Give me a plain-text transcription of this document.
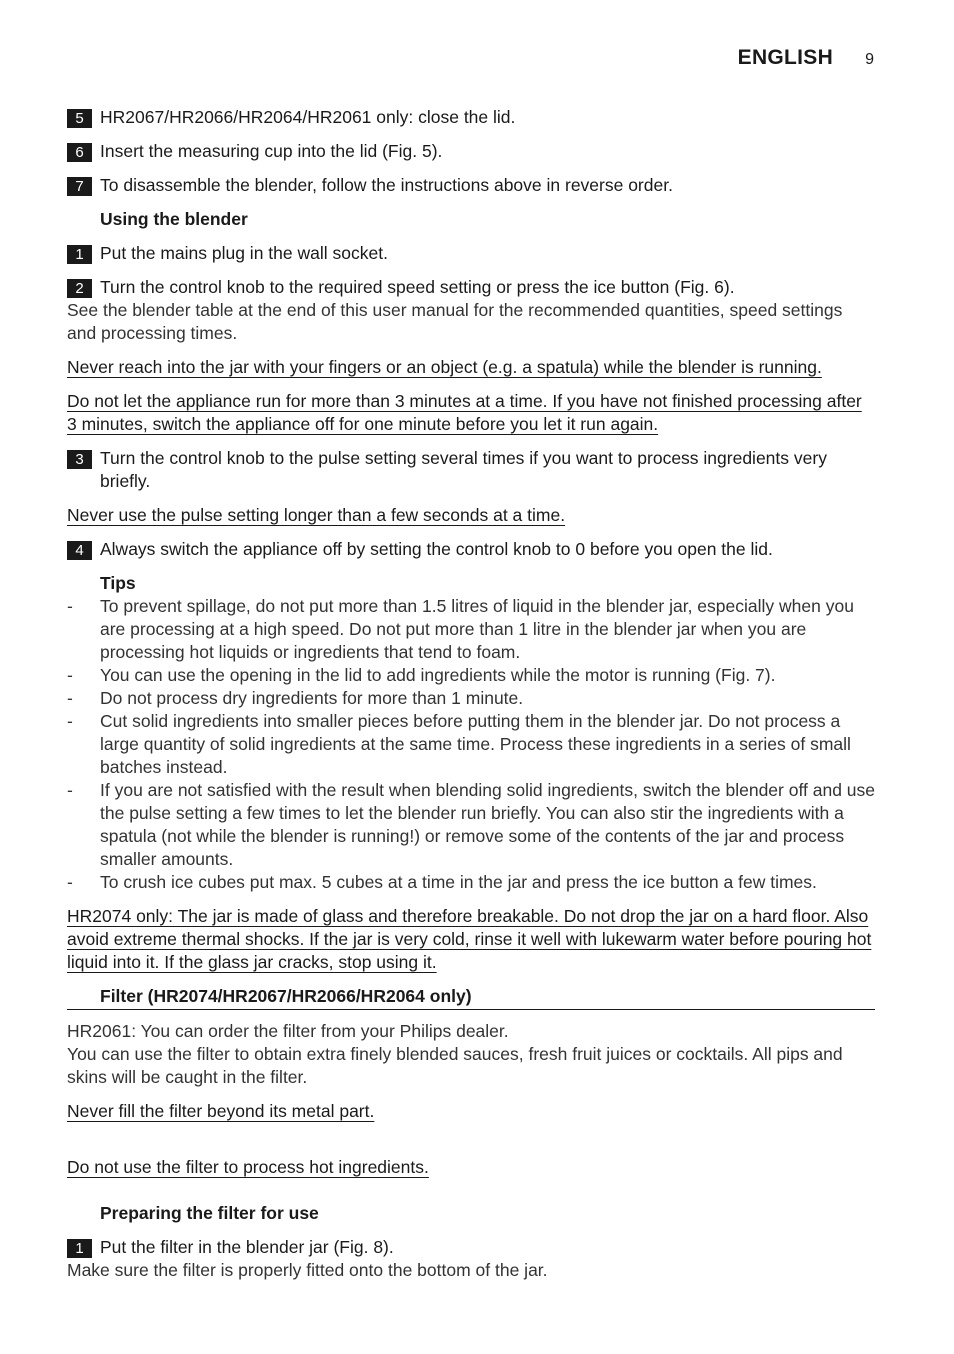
ENGLISH 9
5 HR2067/HR2066/HR2064/HR2061 only: close the lid.
6 Insert the measuring cup into the lid (Fig. 5).
7 To disassemble the blender, follow the instructions above in reverse order.
Using the blender
1 Put the mains plug in the wall socket.
2 Turn the control knob to the required speed setting or press the ice button (Fig. 6).
See the blender table at the end of this user manual for the recommended quantities, speed settings and processing times.
Never reach into the jar with your fingers or an object (e.g. a spatula) while the blender is running.
Do not let the appliance run for more than 3 minutes at a time. If you have not finished processing after 3 minutes, switch the appliance off for one minute before you let it run again.
3 Turn the control knob to the pulse setting several times if you want to process ingredients very briefly.
Never use the pulse setting longer than a few seconds at a time.
4 Always switch the appliance off by setting the control knob to 0 before you open the lid.
Tips
- To prevent spillage, do not put more than 1.5 litres of liquid in the blender jar, especially when you are processing at a high speed. Do not put more than 1 litre in the blender jar when you are processing hot liquids or ingredients that tend to foam.
- You can use the opening in the lid to add ingredients while the motor is running (Fig. 7).
- Do not process dry ingredients for more than 1 minute.
- Cut solid ingredients into smaller pieces before putting them in the blender jar. Do not process a large quantity of solid ingredients at the same time. Process these ingredients in a series of small batches instead.
- If you are not satisfied with the result when blending solid ingredients, switch the blender off and use the pulse setting a few times to let the blender run briefly. You can also stir the ingredients with a spatula (not while the blender is running!) or remove some of the contents of the jar and process smaller amounts.
- To crush ice cubes put max. 5 cubes at a time in the jar and press the ice button a few times.
HR2074 only: The jar is made of glass and therefore breakable. Do not drop the jar on a hard floor. Also avoid extreme thermal shocks. If the jar is very cold, rinse it well with lukewarm water before pouring hot liquid into it. If the glass jar cracks, stop using it.
Filter (HR2074/HR2067/HR2066/HR2064 only)
HR2061: You can order the filter from your Philips dealer.
You can use the filter to obtain extra finely blended sauces, fresh fruit juices or cocktails. All pips and skins will be caught in the filter.
Never fill the filter beyond its metal part.
Do not use the filter to process hot ingredients.
Preparing the filter for use
1 Put the filter in the blender jar (Fig. 8).
Make sure the filter is properly fitted onto the bottom of the jar.
